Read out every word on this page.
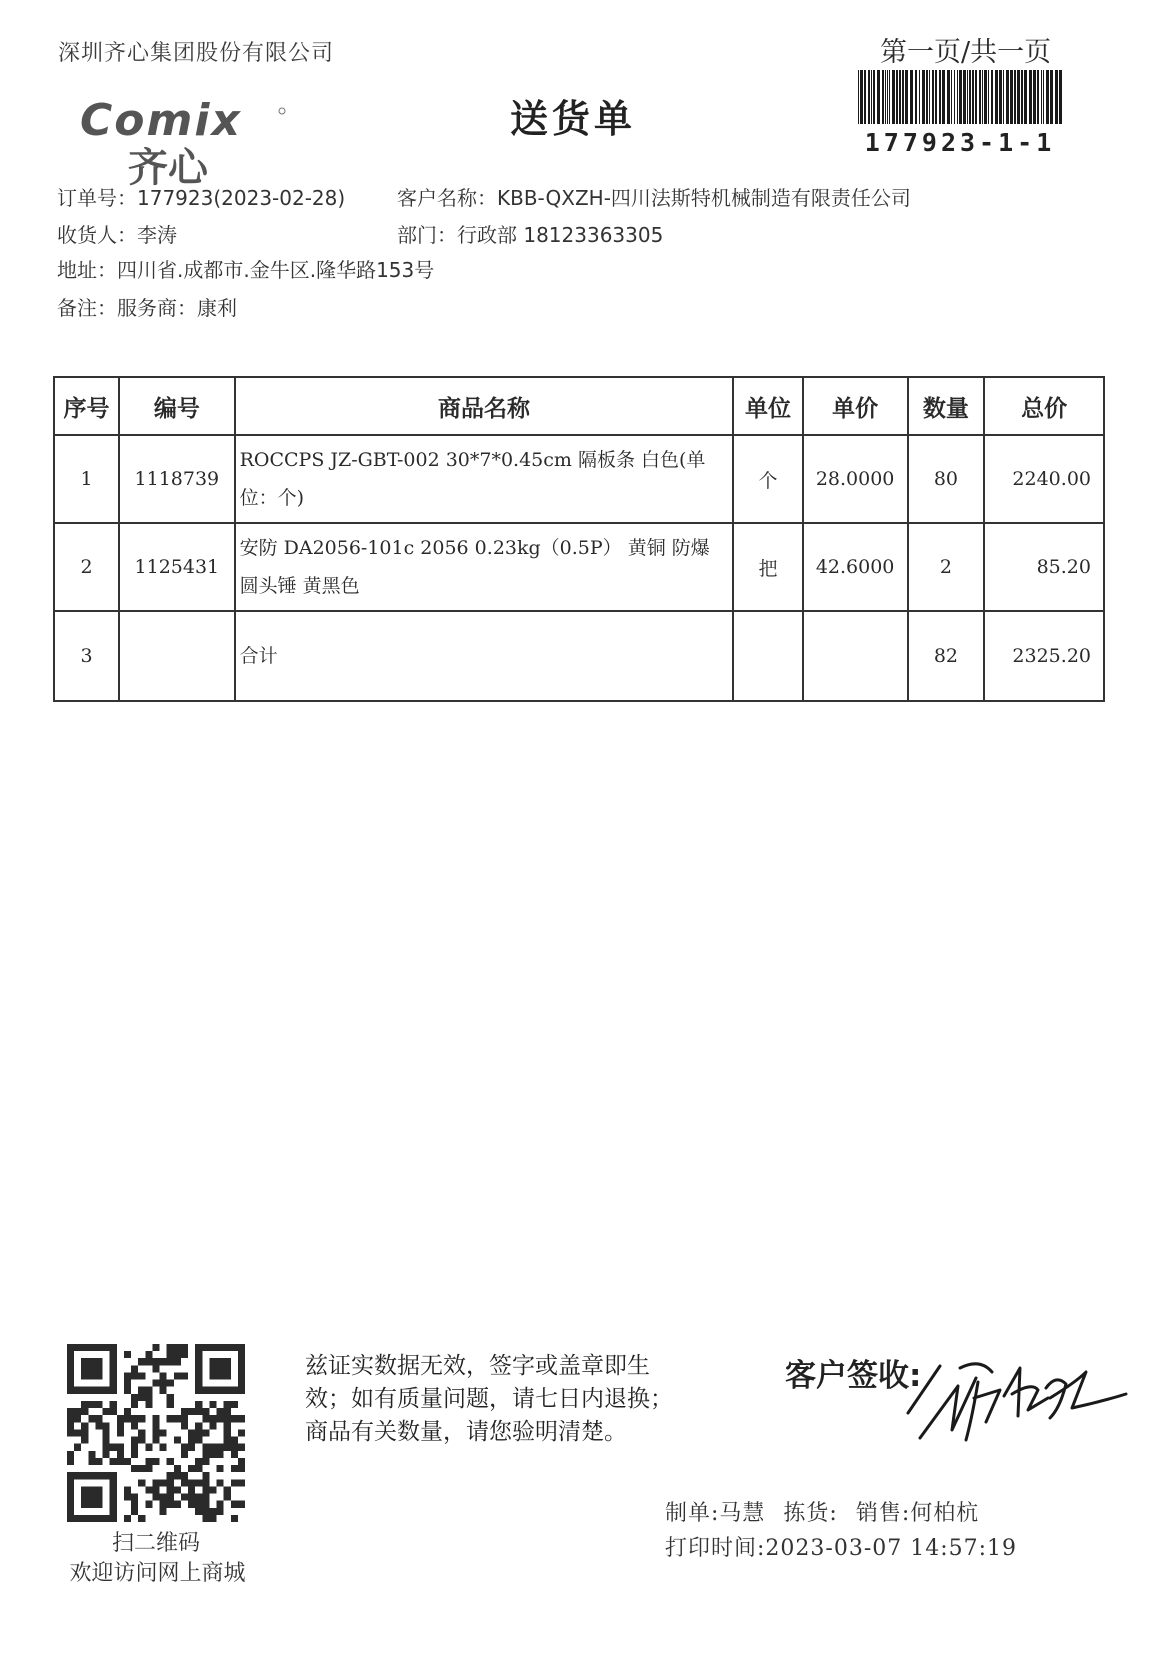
深圳齐心集团股份有限公司	第一页/共一页
177923-1-1
Comix
齐心
送货单
订单号：177923(2023-02-28)	客户名称：KBB-QXZH-四川法斯特机械制造有限责任公司
收货人：李涛	部门：行政部 18123363305
地址：四川省.成都市.金牛区.隆华路153号
备注：服务商：康利
序号	编号	商品名称	单位	单价	数量	总价
1	1118739	ROCCPS JZ-GBT-002 30*7*0.45cm 隔板条 白色(单位：个)	个	28.0000	80	2240.00
2	1125431	安防 DA2056-101c 2056 0.23kg（0.5P） 黄铜 防爆圆头锤 黄黑色	把	42.6000	2	85.20
3		合计			82	2325.20
扫二维码
欢迎访问网上商城
兹证实数据无效，签字或盖章即生
效；如有质量问题，请七日内退换；
商品有关数量，请您验明清楚。
客户签收:
制单:马慧 拣货: 销售:何柏杭
打印时间:2023-03-07 14:57:19
